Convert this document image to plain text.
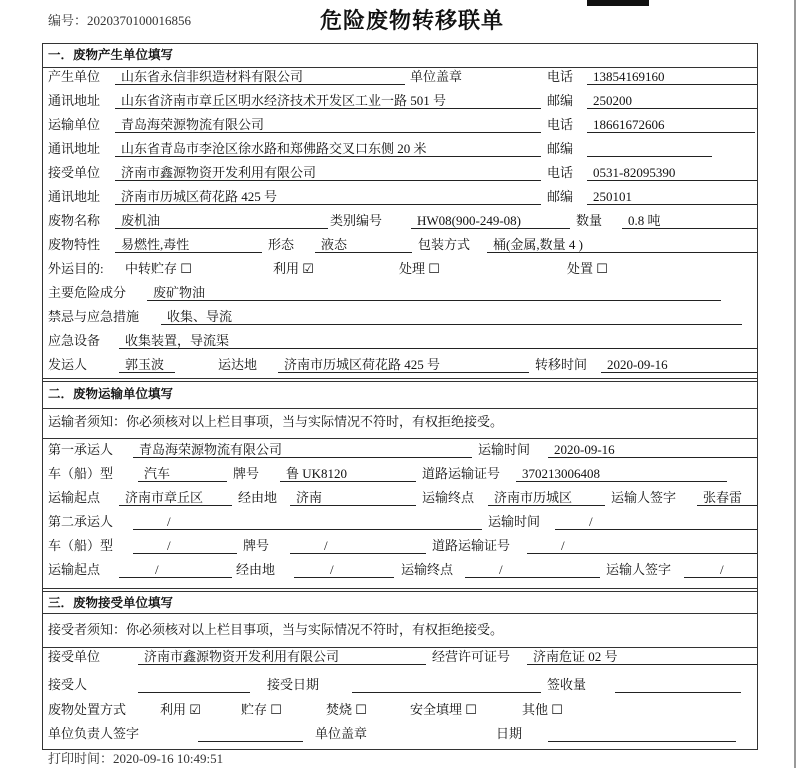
编号：2020370100016856	危险废物转移联单
一．废物产生单位填写
产生单位	山东省永信非织造材料有限公司	单位盖章	电话	13854169160
通讯地址	山东省济南市章丘区明水经济技术开发区工业一路 501 号	邮编	250200
运输单位	青岛海荣源物流有限公司	电话	18661672606
通讯地址	山东省青岛市李沧区徐水路和郑佛路交叉口东侧 20 米	邮编
接受单位	济南市鑫源物资开发利用有限公司	电话	0531-82095390
通讯地址	济南市历城区荷花路 425 号	邮编	250101
废物名称	废机油	类别编号	HW08(900-249-08)	数量	0.8 吨
废物特性	易燃性,毒性	形态	液态	包装方式	桶(金属,数量 4 )
外运目的: 中转贮存 ☐	利用 ☑	处理 ☐	处置 ☐
主要危险成分	废矿物油
禁忌与应急措施	收集、导流
应急设备	收集装置，导流渠
发运人	郭玉波	运达地	济南市历城区荷花路 425 号	转移时间	2020-09-16
二．废物运输单位填写
运输者须知：你必须核对以上栏目事项，当与实际情况不符时，有权拒绝接受。
第一承运人	青岛海荣源物流有限公司	运输时间	2020-09-16
车（船）型	汽车	牌号	鲁 UK8120	道路运输证号	370213006408
运输起点	济南市章丘区	经由地	济南	运输终点	济南市历城区	运输人签字	张春雷
第二承运人	/	运输时间	/
车（船）型	/	牌号	/	道路运输证号	/
运输起点	/	经由地	/	运输终点	/	运输人签字	/
三．废物接受单位填写
接受者须知：你必须核对以上栏目事项，当与实际情况不符时，有权拒绝接受。
接受单位	济南市鑫源物资开发利用有限公司	经营许可证号	济南危证 02 号
接受人	接受日期	签收量
废物处置方式	利用 ☑	贮存 ☐	焚烧 ☐	安全填埋 ☐	其他 ☐
单位负责人签字	单位盖章	日期
打印时间：2020-09-16 10:49:51
